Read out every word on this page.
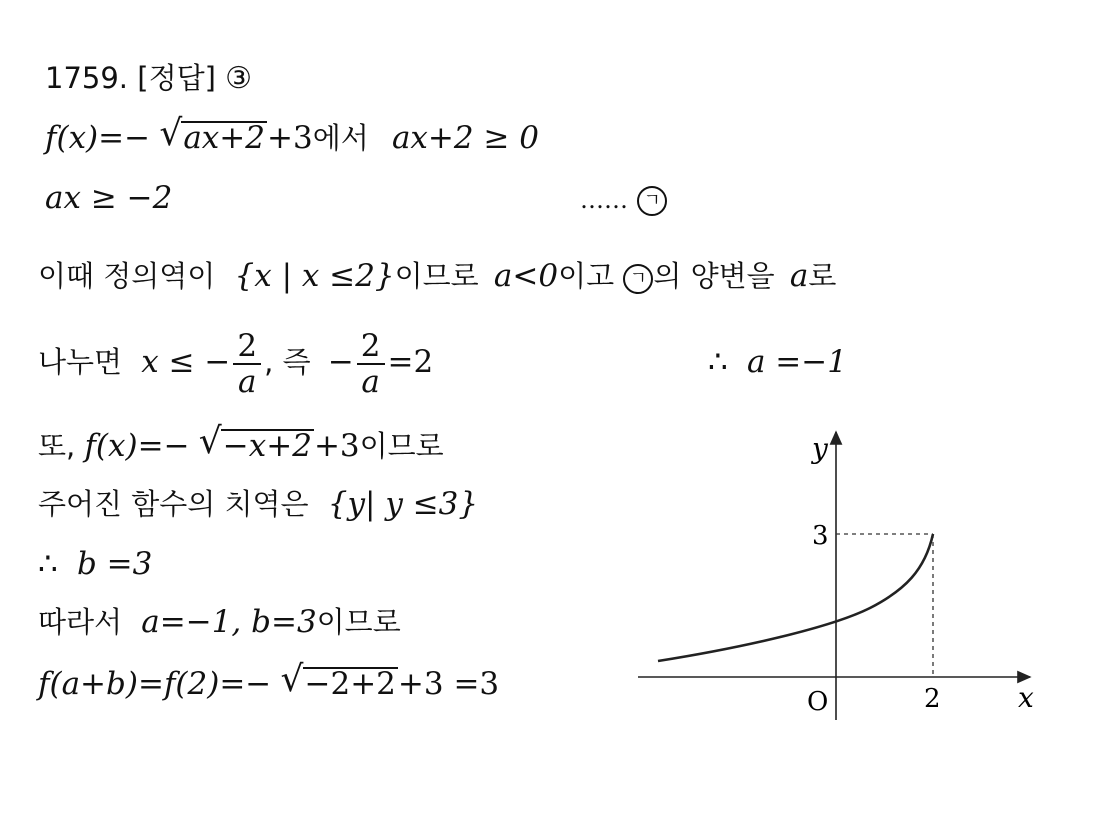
1759. [정답] ③
f(x)=− √ ax+2+3에서 ax+2 ≥ 0
ax ≥ −2	…… ㄱ
이때 정의역이 {x | x ≤2}이므로 a<0이고 ㄱ 의 양변을 a로
나누면 x ≤ − $\frac{2}{a}$ , 즉 − $\frac{2}{a} =2$	∴ a =−1
또, f(x)=− √ −x+2+3이므로
주어진 함수의 치역은 {y| y ≤3}
∴ b =3
따라서 a=−1, b=3이므로
f(a+b)=f(2)=− √ −2+2+3 =3
y
x
O	2
3
